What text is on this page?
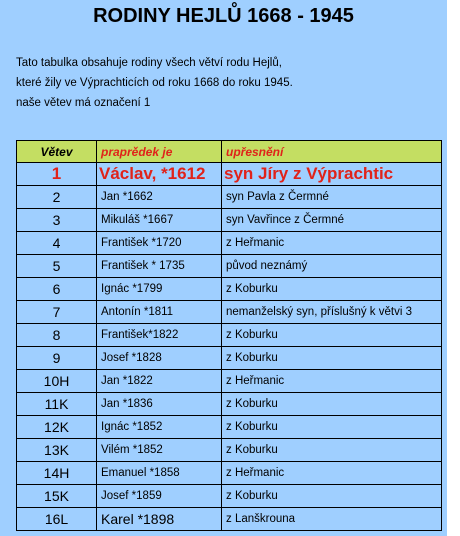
RODINY HEJLŮ 1668 - 1945
Tato tabulka obsahuje rodiny všech větví rodu Hejlů,
které žily ve Výprachticích od roku 1668 do roku 1945.
naše větev má označení 1
Větev	praprědek je	upřesnění
1	Václav, *1612	syn Jíry z Výprachtic
2	Jan *1662	syn Pavla z Čermné
3	Mikuláš *1667	syn Vavřince z Čermné
4	František *1720	z Heřmanic
5	František * 1735	původ neznámý
6	Ignác *1799	z Koburku
7	Antonín *1811	nemanželský syn, příslušný k větvi 3
8	František*1822	z Koburku
9	Josef *1828	z Koburku
10H	Jan *1822	z Heřmanic
11K	Jan *1836	z Koburku
12K	Ignác *1852	z Koburku
13K	Vilém *1852	z Koburku
14H	Emanuel *1858	z Heřmanic
15K	Josef *1859	z Koburku
16L	Karel *1898	z Lanškrouna
